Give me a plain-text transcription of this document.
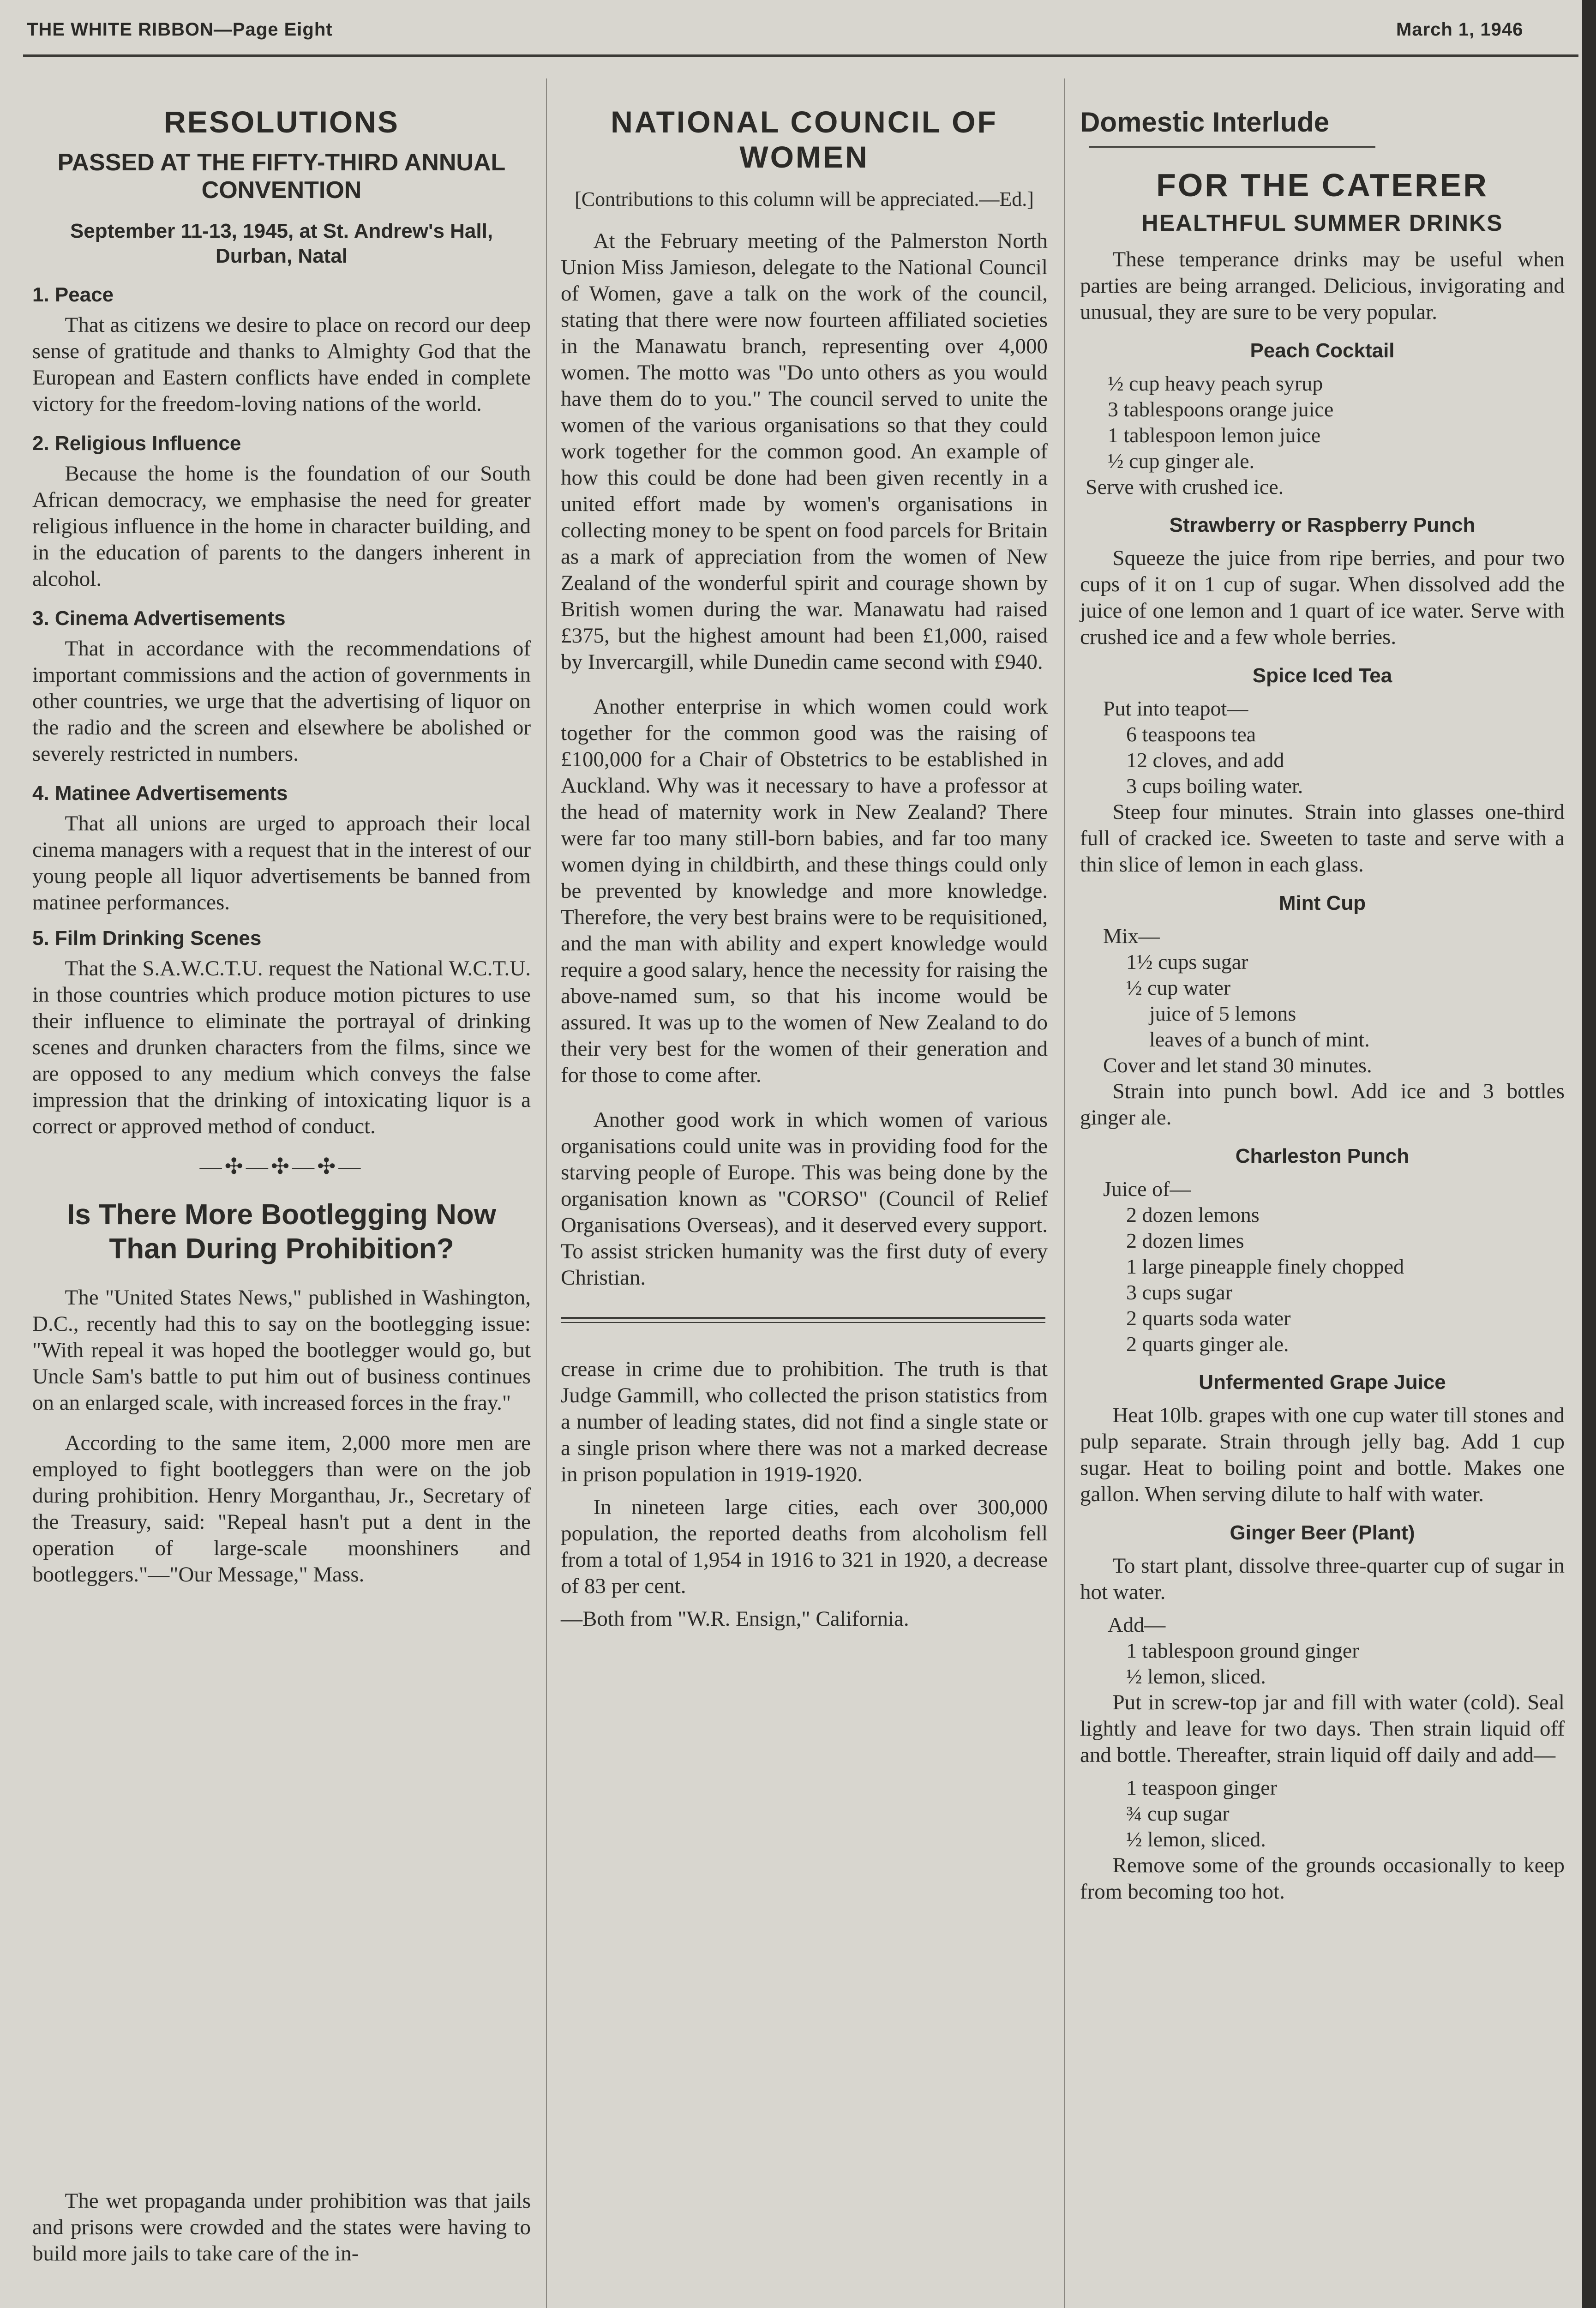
THE WHITE RIBBON—Page Eight	March 1, 1946
RESOLUTIONS
PASSED AT THE FIFTY-THIRD ANNUAL CONVENTION
September 11-13, 1945, at St. Andrew's Hall, Durban, Natal
1. Peace

That as citizens we desire to place on record our deep sense of gratitude and thanks to Almighty God that the European and Eastern conflicts have ended in complete victory for the freedom-loving nations of the world.

2. Religious Influence

Because the home is the foundation of our South African democracy, we emphasise the need for greater religious influence in the home in character building, and in the education of parents to the dangers inherent in alcohol.

3. Cinema Advertisements

That in accordance with the recommendations of important commissions and the action of governments in other countries, we urge that the advertising of liquor on the radio and the screen and elsewhere be abolished or severely restricted in numbers.

4. Matinee Advertisements

That all unions are urged to approach their local cinema managers with a request that in the interest of our young people all liquor advertisements be banned from matinee performances.

5. Film Drinking Scenes

That the S.A.W.C.T.U. request the National W.C.T.U. in those countries which produce motion pictures to use their influence to eliminate the portrayal of drinking scenes and drunken characters from the films, since we are opposed to any medium which conveys the false impression that the drinking of intoxicating liquor is a correct or approved method of conduct.

—✣—✣—✣—
Is There More Bootlegging Now Than During Prohibition?

The "United States News," published in Washington, D.C., recently had this to say on the bootlegging issue: "With repeal it was hoped the bootlegger would go, but Uncle Sam's battle to put him out of business continues on an enlarged scale, with increased forces in the fray."

According to the same item, 2,000 more men are employed to fight bootleggers than were on the job during prohibition. Henry Morganthau, Jr., Secretary of the Treasury, said: "Repeal hasn't put a dent in the operation of large-scale moonshiners and bootleggers."—"Our Message," Mass.

The wet propaganda under prohibition was that jails and prisons were crowded and the states were having to build more jails to take care of the in-

NATIONAL COUNCIL OF WOMEN

[Contributions to this column will be appreciated.—Ed.]

At the February meeting of the Palmerston North Union Miss Jamieson, delegate to the National Council of Women, gave a talk on the work of the council, stating that there were now fourteen affiliated societies in the Manawatu branch, representing over 4,000 women. The motto was "Do unto others as you would have them do to you." The council served to unite the women of the various organisations so that they could work together for the common good. An example of how this could be done had been given recently in a united effort made by women's organisations in collecting money to be spent on food parcels for Britain as a mark of appreciation from the women of New Zealand of the wonderful spirit and courage shown by British women during the war. Manawatu had raised £375, but the highest amount had been £1,000, raised by Invercargill, while Dunedin came second with £940.

Another enterprise in which women could work together for the common good was the raising of £100,000 for a Chair of Obstetrics to be established in Auckland. Why was it necessary to have a professor at the head of maternity work in New Zealand? There were far too many still-born babies, and far too many women dying in childbirth, and these things could only be prevented by knowledge and more knowledge. Therefore, the very best brains were to be requisitioned, and the man with ability and expert knowledge would require a good salary, hence the necessity for raising the above-named sum, so that his income would be assured. It was up to the women of New Zealand to do their very best for the women of their generation and for those to come after.

Another good work in which women of various organisations could unite was in providing food for the starving people of Europe. This was being done by the organisation known as "CORSO" (Council of Relief Organisations Overseas), and it deserved every support. To assist stricken humanity was the first duty of every Christian.

crease in crime due to prohibition. The truth is that Judge Gammill, who collected the prison statistics from a number of leading states, did not find a single state or a single prison where there was not a marked decrease in prison population in 1919-1920.

In nineteen large cities, each over 300,000 population, the reported deaths from alcoholism fell from a total of 1,954 in 1916 to 321 in 1920, a decrease of 83 per cent.

—Both from "W.R. Ensign," California.

Domestic Interlude
FOR THE CATERER
HEALTHFUL SUMMER DRINKS

These temperance drinks may be useful when parties are being arranged. Delicious, invigorating and unusual, they are sure to be very popular.

Peach Cocktail
½ cup heavy peach syrup
3 tablespoons orange juice
1 tablespoon lemon juice
½ cup ginger ale.
Serve with crushed ice.
Strawberry or Raspberry Punch

Squeeze the juice from ripe berries, and pour two cups of it on 1 cup of sugar. When dissolved add the juice of one lemon and 1 quart of ice water. Serve with crushed ice and a few whole berries.

Spice Iced Tea
Put into teapot—
6 teaspoons tea
12 cloves, and add
3 cups boiling water.

Steep four minutes. Strain into glasses one-third full of cracked ice. Sweeten to taste and serve with a thin slice of lemon in each glass.

Mint Cup
Mix—
1½ cups sugar
½ cup water
juice of 5 lemons
leaves of a bunch of mint.
Cover and let stand 30 minutes.

Strain into punch bowl. Add ice and 3 bottles ginger ale.

Charleston Punch
Juice of—
2 dozen lemons
2 dozen limes
1 large pineapple finely chopped
3 cups sugar
2 quarts soda water
2 quarts ginger ale.
Unfermented Grape Juice

Heat 10lb. grapes with one cup water till stones and pulp separate. Strain through jelly bag. Add 1 cup sugar. Heat to boiling point and bottle. Makes one gallon. When serving dilute to half with water.

Ginger Beer (Plant)

To start plant, dissolve three-quarter cup of sugar in hot water.

Add—
1 tablespoon ground ginger
½ lemon, sliced.

Put in screw-top jar and fill with water (cold). Seal lightly and leave for two days. Then strain liquid off and bottle. Thereafter, strain liquid off daily and add—

1 teaspoon ginger
¾ cup sugar
½ lemon, sliced.

Remove some of the grounds occasionally to keep from becoming too hot.
